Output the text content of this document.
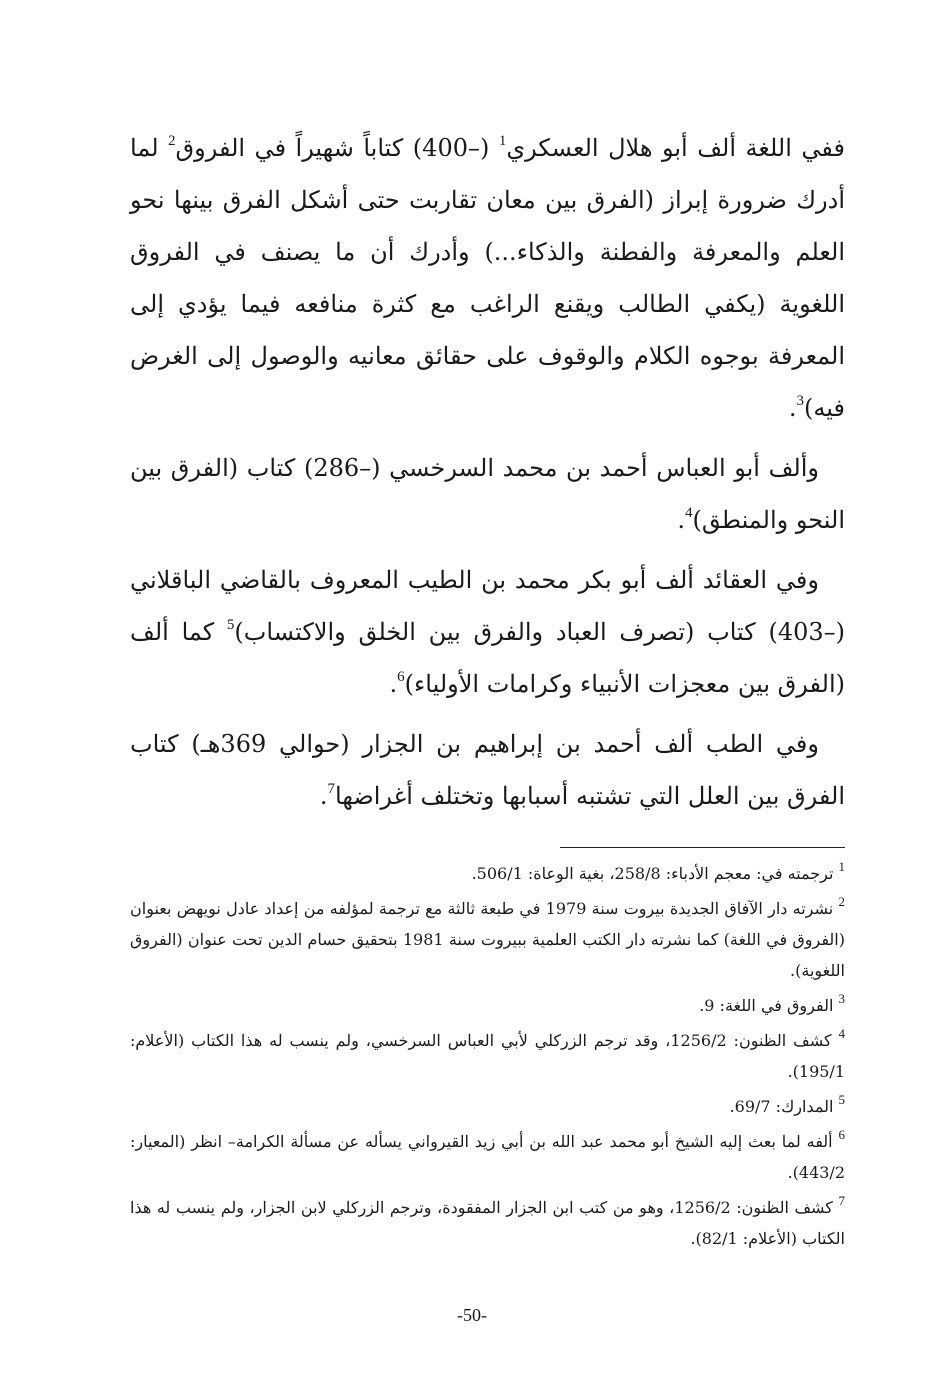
ففي اللغة ألف أبو هلال العسكري$^1$ (–400) كتاباً شهيراً في الفروق$^2$ لما أدرك ضرورة إبراز (الفرق بين معان تقاربت حتى أشكل الفرق بينها نحو العلم والمعرفة والفطنة والذكاء...) وأدرك أن ما يصنف في الفروق اللغوية (يكفي الطالب ويقنع الراغب مع كثرة منافعه فيما يؤدي إلى المعرفة بوجوه الكلام والوقوف على حقائق معانيه والوصول إلى الغرض فيه)$^3$.

وألف أبو العباس أحمد بن محمد السرخسي (–286) كتاب (الفرق بين النحو والمنطق)$^4$.

وفي العقائد ألف أبو بكر محمد بن الطيب المعروف بالقاضي الباقلاني (–403) كتاب (تصرف العباد والفرق بين الخلق والاكتساب)$^5$ كما ألف (الفرق بين معجزات الأنبياء وكرامات الأولياء)$^6$.

وفي الطب ألف أحمد بن إبراهيم بن الجزار (حوالي 369هـ) كتاب الفرق بين العلل التي تشتبه أسبابها وتختلف أغراضها$^7$.

$^1$ ترجمته في: معجم الأدباء: 258/8، بغية الوعاة: 506/1.

$^2$ نشرته دار الآفاق الجديدة بيروت سنة 1979 في طبعة ثالثة مع ترجمة لمؤلفه من إعداد عادل نويهض بعنوان (الفروق في اللغة) كما نشرته دار الكتب العلمية ببيروت سنة 1981 بتحقيق حسام الدين تحت عنوان (الفروق اللغوية).

$^3$ الفروق في اللغة: 9.

$^4$ كشف الظنون: 1256/2، وقد ترجم الزركلي لأبي العباس السرخسي، ولم ينسب له هذا الكتاب (الأعلام: 195/1).

$^5$ المدارك: 69/7.

$^6$ ألفه لما بعث إليه الشيخ أبو محمد عبد الله بن أبي زيد القيرواني يسأله عن مسألة الكرامة– انظر (المعيار: 443/2).

$^7$ كشف الظنون: 1256/2، وهو من كتب ابن الجزار المفقودة، وترجم الزركلي لابن الجزار، ولم ينسب له هذا الكتاب (الأعلام: 82/1).

-50-
